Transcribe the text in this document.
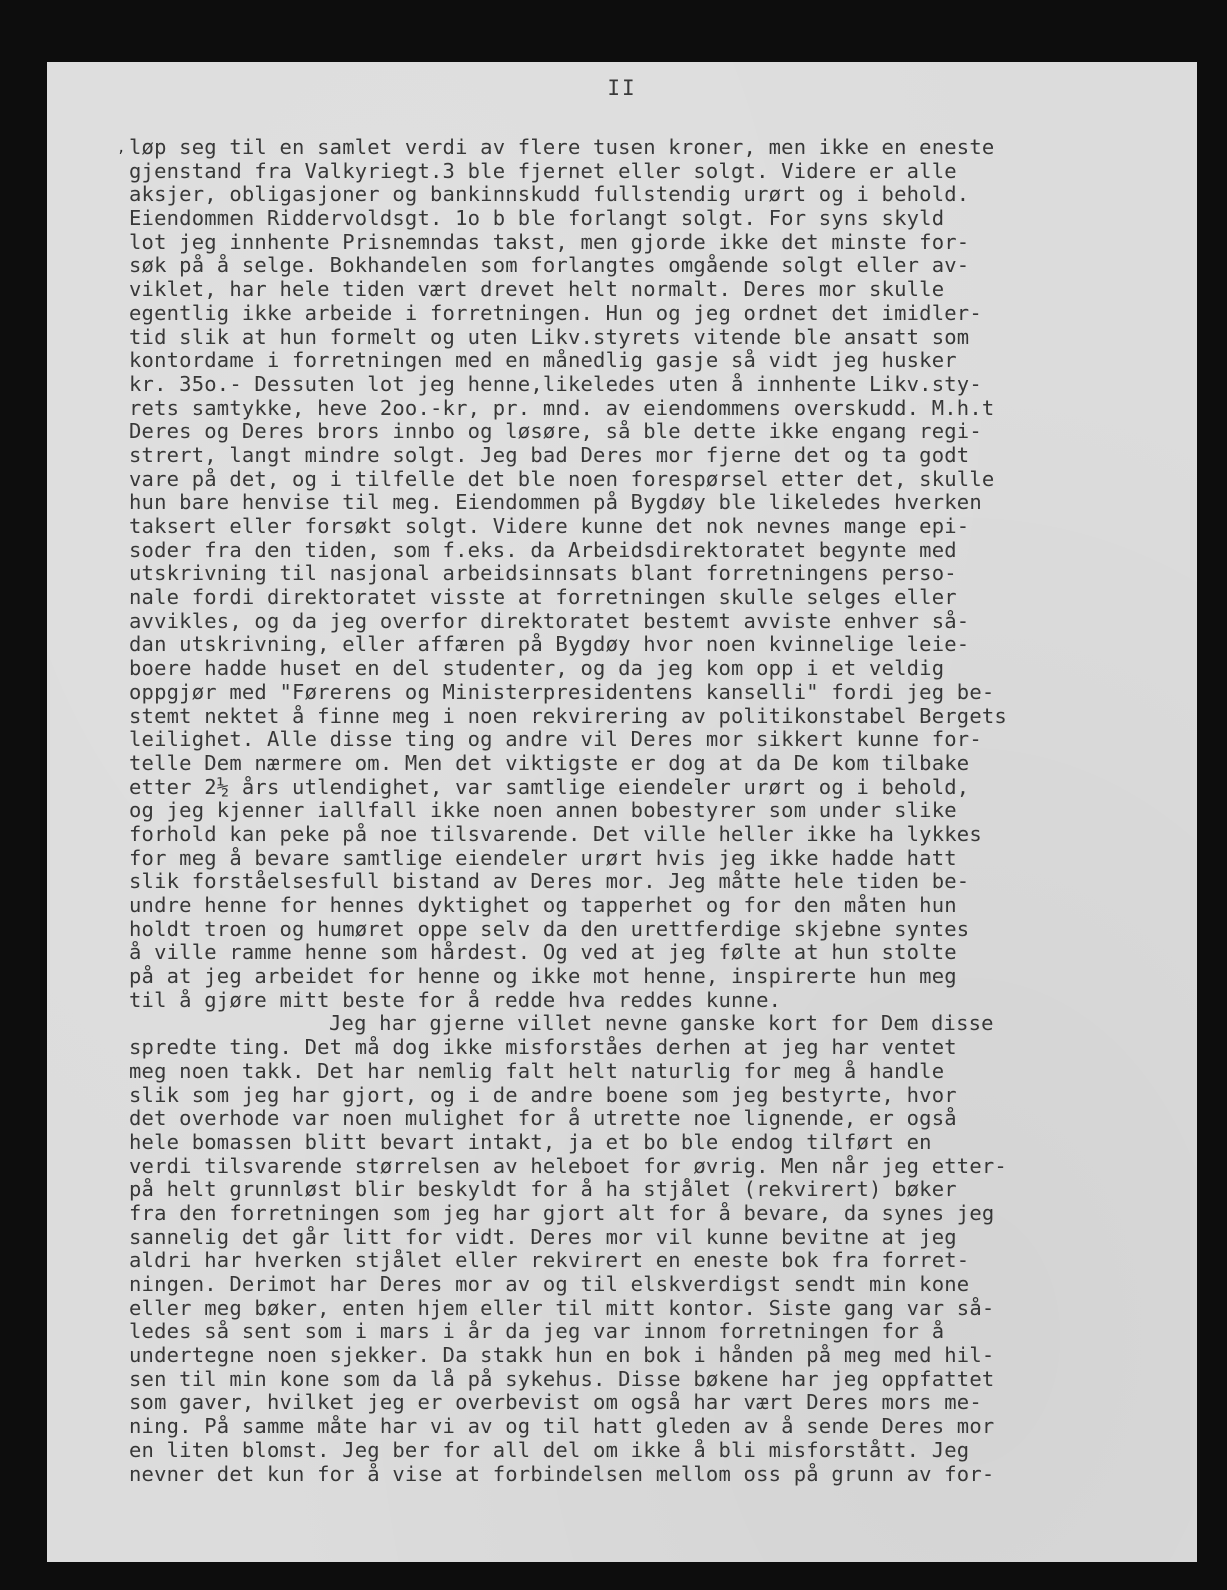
II
, løp seg til en samlet verdi av flere tusen kroner, men ikke en eneste
gjenstand fra Valkyriegt.3 ble fjernet eller solgt. Videre er alle
aksjer, obligasjoner og bankinnskudd fullstendig urørt og i behold.
Eiendommen Riddervoldsgt. 1o b ble forlangt solgt. For syns skyld
lot jeg innhente Prisnemndas takst, men gjorde ikke det minste for-
søk på å selge. Bokhandelen som forlangtes omgående solgt eller av-
viklet, har hele tiden vært drevet helt normalt. Deres mor skulle
egentlig ikke arbeide i forretningen. Hun og jeg ordnet det imidler-
tid slik at hun formelt og uten Likv.styrets vitende ble ansatt som
kontordame i forretningen med en månedlig gasje så vidt jeg husker
kr. 35o.- Dessuten lot jeg henne,likeledes uten å innhente Likv.sty-
rets samtykke, heve 2oo.-kr, pr. mnd. av eiendommens overskudd. M.h.t
Deres og Deres brors innbo og løsøre, så ble dette ikke engang regi-
strert, langt mindre solgt. Jeg bad Deres mor fjerne det og ta godt
vare på det, og i tilfelle det ble noen forespørsel etter det, skulle
hun bare henvise til meg. Eiendommen på Bygdøy ble likeledes hverken
taksert eller forsøkt solgt. Videre kunne det nok nevnes mange epi-
soder fra den tiden, som f.eks. da Arbeidsdirektoratet begynte med
utskrivning til nasjonal arbeidsinnsats blant forretningens perso-
nale fordi direktoratet visste at forretningen skulle selges eller
avvikles, og da jeg overfor direktoratet bestemt avviste enhver så-
dan utskrivning, eller affæren på Bygdøy hvor noen kvinnelige leie-
boere hadde huset en del studenter, og da jeg kom opp i et veldig
oppgjør med "Førerens og Ministerpresidentens kanselli" fordi jeg be-
stemt nektet å finne meg i noen rekvirering av politikonstabel Bergets
leilighet. Alle disse ting og andre vil Deres mor sikkert kunne for-
telle Dem nærmere om. Men det viktigste er dog at da De kom tilbake
etter 2½ års utlendighet, var samtlige eiendeler urørt og i behold,
og jeg kjenner iallfall ikke noen annen bobestyrer som under slike
forhold kan peke på noe tilsvarende. Det ville heller ikke ha lykkes
for meg å bevare samtlige eiendeler urørt hvis jeg ikke hadde hatt
slik forståelsesfull bistand av Deres mor. Jeg måtte hele tiden be-
undre henne for hennes dyktighet og tapperhet og for den måten hun
holdt troen og humøret oppe selv da den urettferdige skjebne syntes
å ville ramme henne som hårdest. Og ved at jeg følte at hun stolte
på at jeg arbeidet for henne og ikke mot henne, inspirerte hun meg
til å gjøre mitt beste for å redde hva reddes kunne.
Jeg har gjerne villet nevne ganske kort for Dem disse
spredte ting. Det må dog ikke misforståes derhen at jeg har ventet
meg noen takk. Det har nemlig falt helt naturlig for meg å handle
slik som jeg har gjort, og i de andre boene som jeg bestyrte, hvor
det overhode var noen mulighet for å utrette noe lignende, er også
hele bomassen blitt bevart intakt, ja et bo ble endog tilført en
verdi tilsvarende størrelsen av heleboet for øvrig. Men når jeg etter-
på helt grunnløst blir beskyldt for å ha stjålet (rekvirert) bøker
fra den forretningen som jeg har gjort alt for å bevare, da synes jeg
sannelig det går litt for vidt. Deres mor vil kunne bevitne at jeg
aldri har hverken stjålet eller rekvirert en eneste bok fra forret-
ningen. Derimot har Deres mor av og til elskverdigst sendt min kone
eller meg bøker, enten hjem eller til mitt kontor. Siste gang var så-
ledes så sent som i mars i år da jeg var innom forretningen for å
undertegne noen sjekker. Da stakk hun en bok i hånden på meg med hil-
sen til min kone som da lå på sykehus. Disse bøkene har jeg oppfattet
som gaver, hvilket jeg er overbevist om også har vært Deres mors me-
ning. På samme måte har vi av og til hatt gleden av å sende Deres mor
en liten blomst. Jeg ber for all del om ikke å bli misforstått. Jeg
nevner det kun for å vise at forbindelsen mellom oss på grunn av for-
